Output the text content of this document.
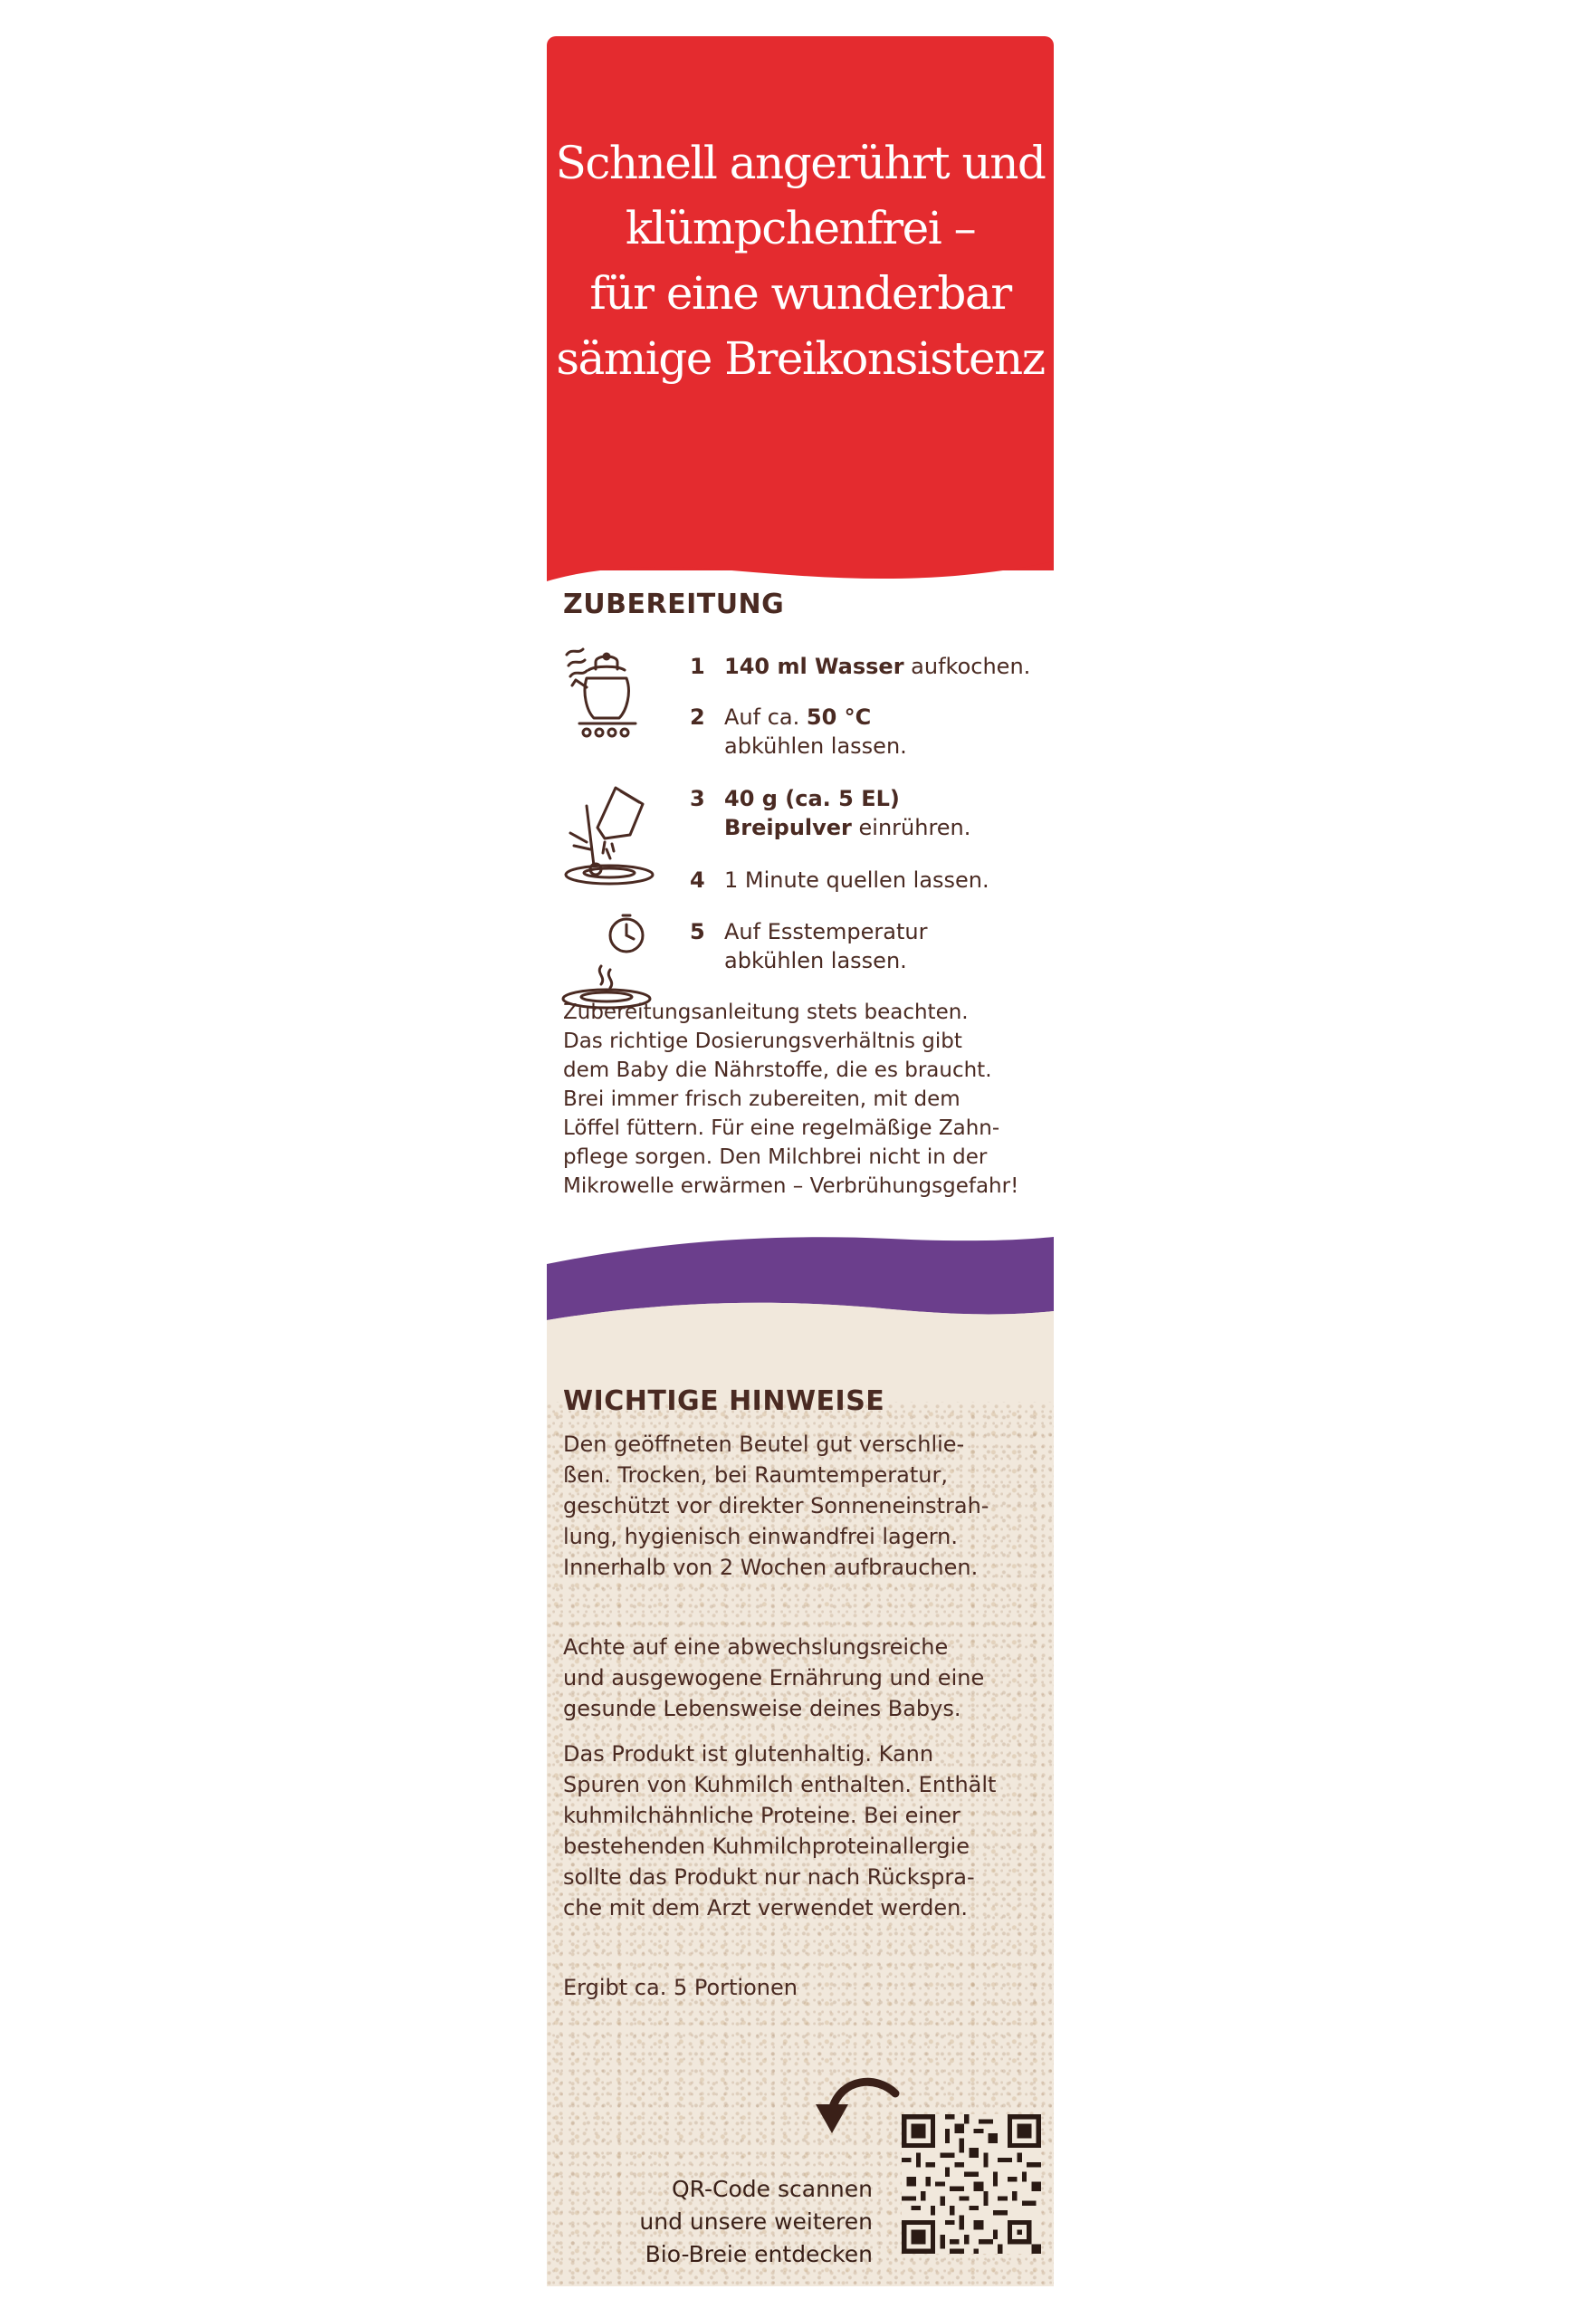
Schnell angerührt und
klümpchenfrei –
für eine wunderbar
sämige Breikonsistenz
ZUBEREITUNG
1 140 ml Wasser aufkochen.
2 Auf ca. 50 °C
abkühlen lassen.
3 40 g (ca. 5 EL)
Breipulver einrühren.
4 1 Minute quellen lassen.
5 Auf Esstemperatur
abkühlen lassen.

Zubereitungsanleitung stets beachten.

Das richtige Dosierungsverhältnis gibt

dem Baby die Nährstoffe, die es braucht.

Brei immer frisch zubereiten, mit dem

Löffel füttern. Für eine regelmäßige Zahn-

pflege sorgen. Den Milchbrei nicht in der

Mikrowelle erwärmen – Verbrühungsgefahr!

WICHTIGE HINWEISE
Den geöffneten Beutel gut verschlie-
ßen. Trocken, bei Raumtemperatur,
geschützt vor direkter Sonneneinstrah-
lung, hygienisch einwandfrei lagern.
Innerhalb von 2 Wochen aufbrauchen.
Achte auf eine abwechslungsreiche
und ausgewogene Ernährung und eine
gesunde Lebensweise deines Babys.
Das Produkt ist glutenhaltig. Kann
Spuren von Kuhmilch enthalten. Enthält
kuhmilchähnliche Proteine. Bei einer
bestehenden Kuhmilchproteinallergie
sollte das Produkt nur nach Rückspra-
che mit dem Arzt verwendet werden.
Ergibt ca. 5 Portionen
QR-Code scannen
und unsere weiteren
Bio-Breie entdecken
